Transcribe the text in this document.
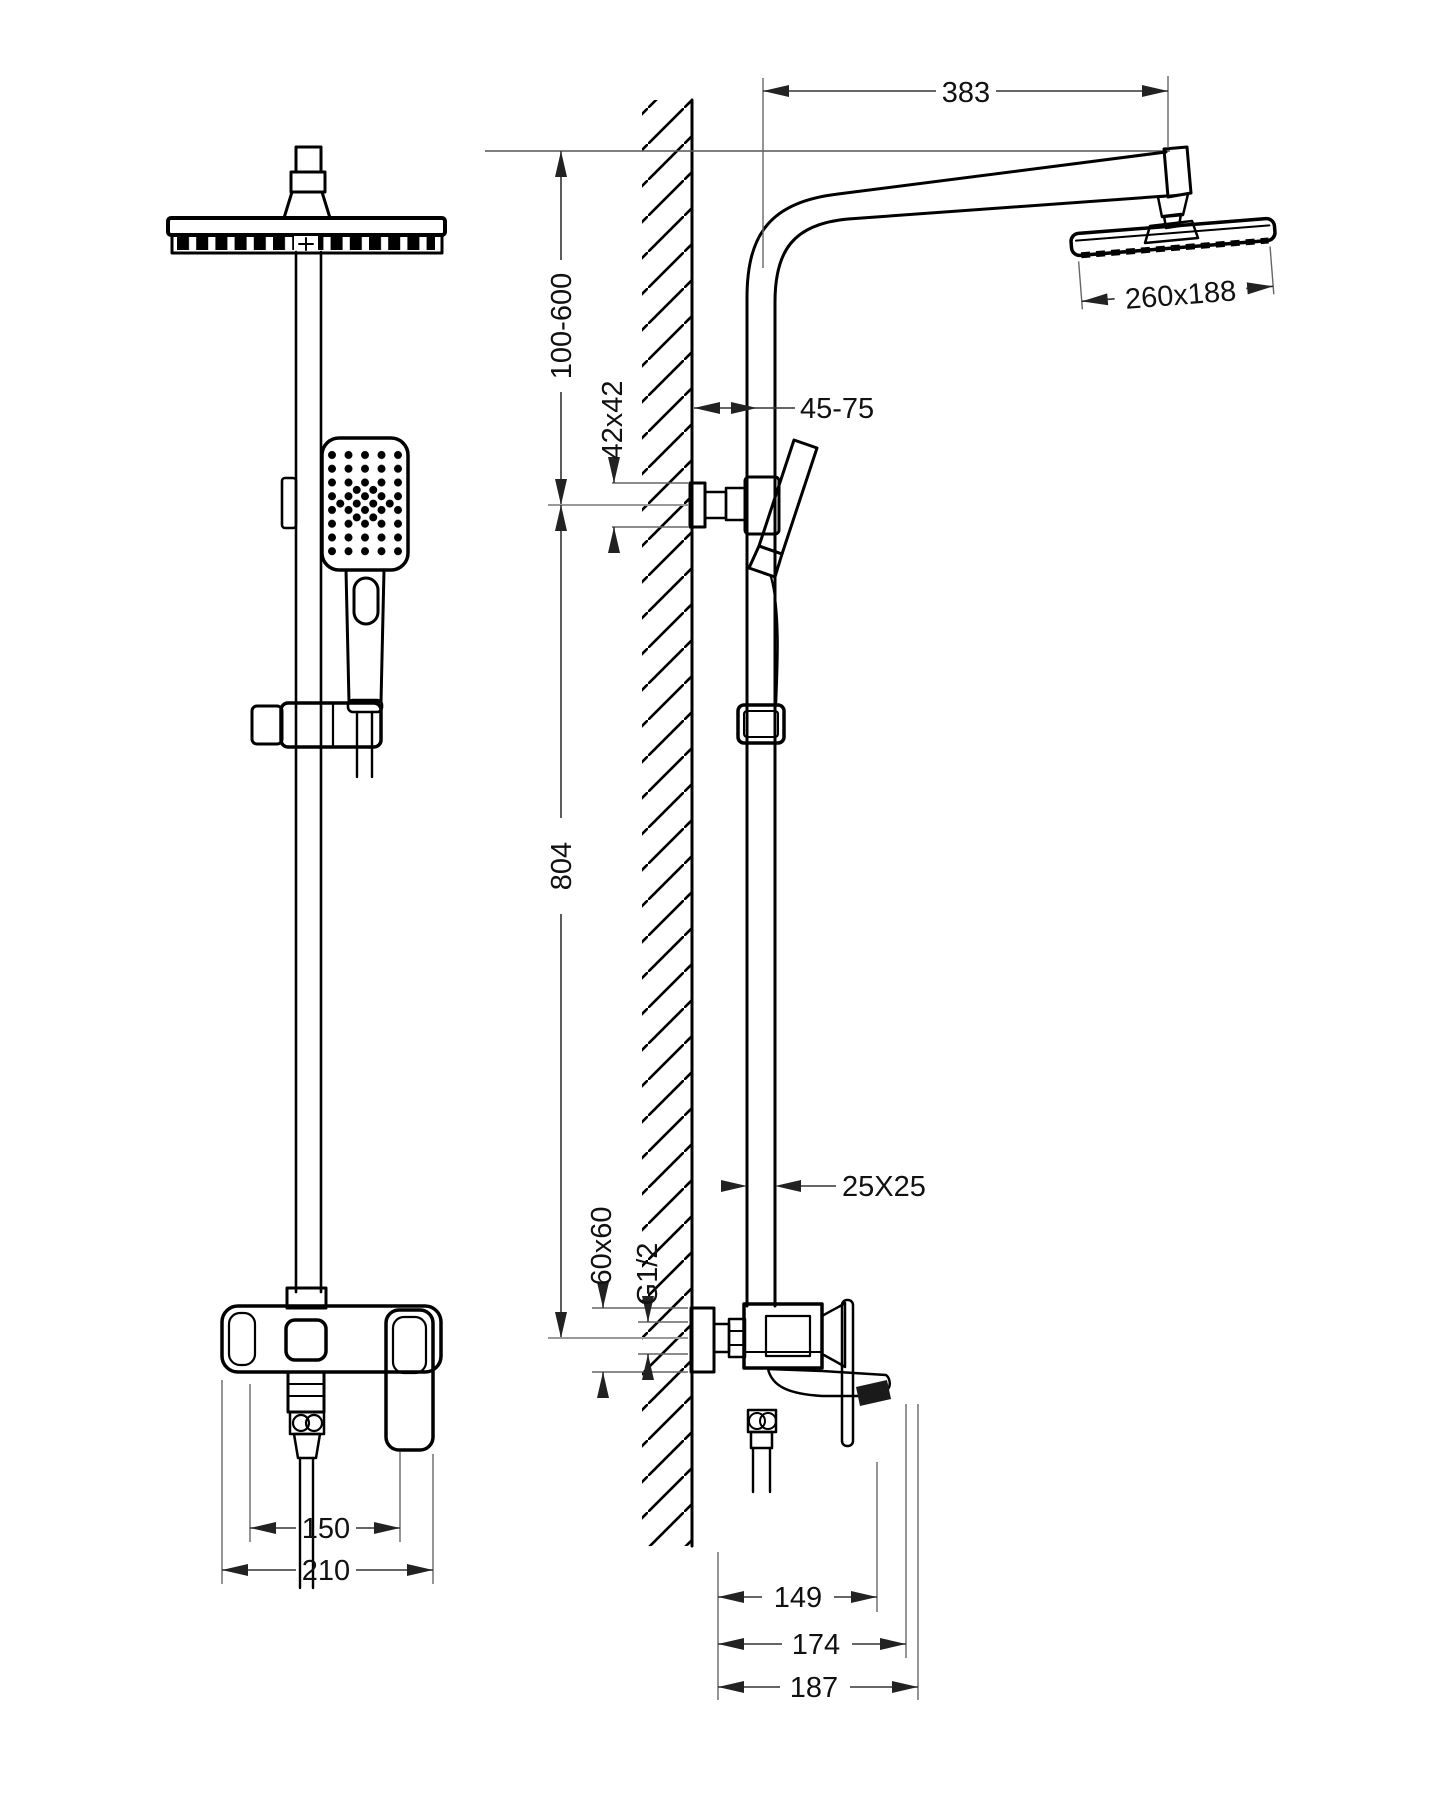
150
210
260x188
383
100-600
42x42	45-75
804
25X25
60x60 G1/2
149
174
187
